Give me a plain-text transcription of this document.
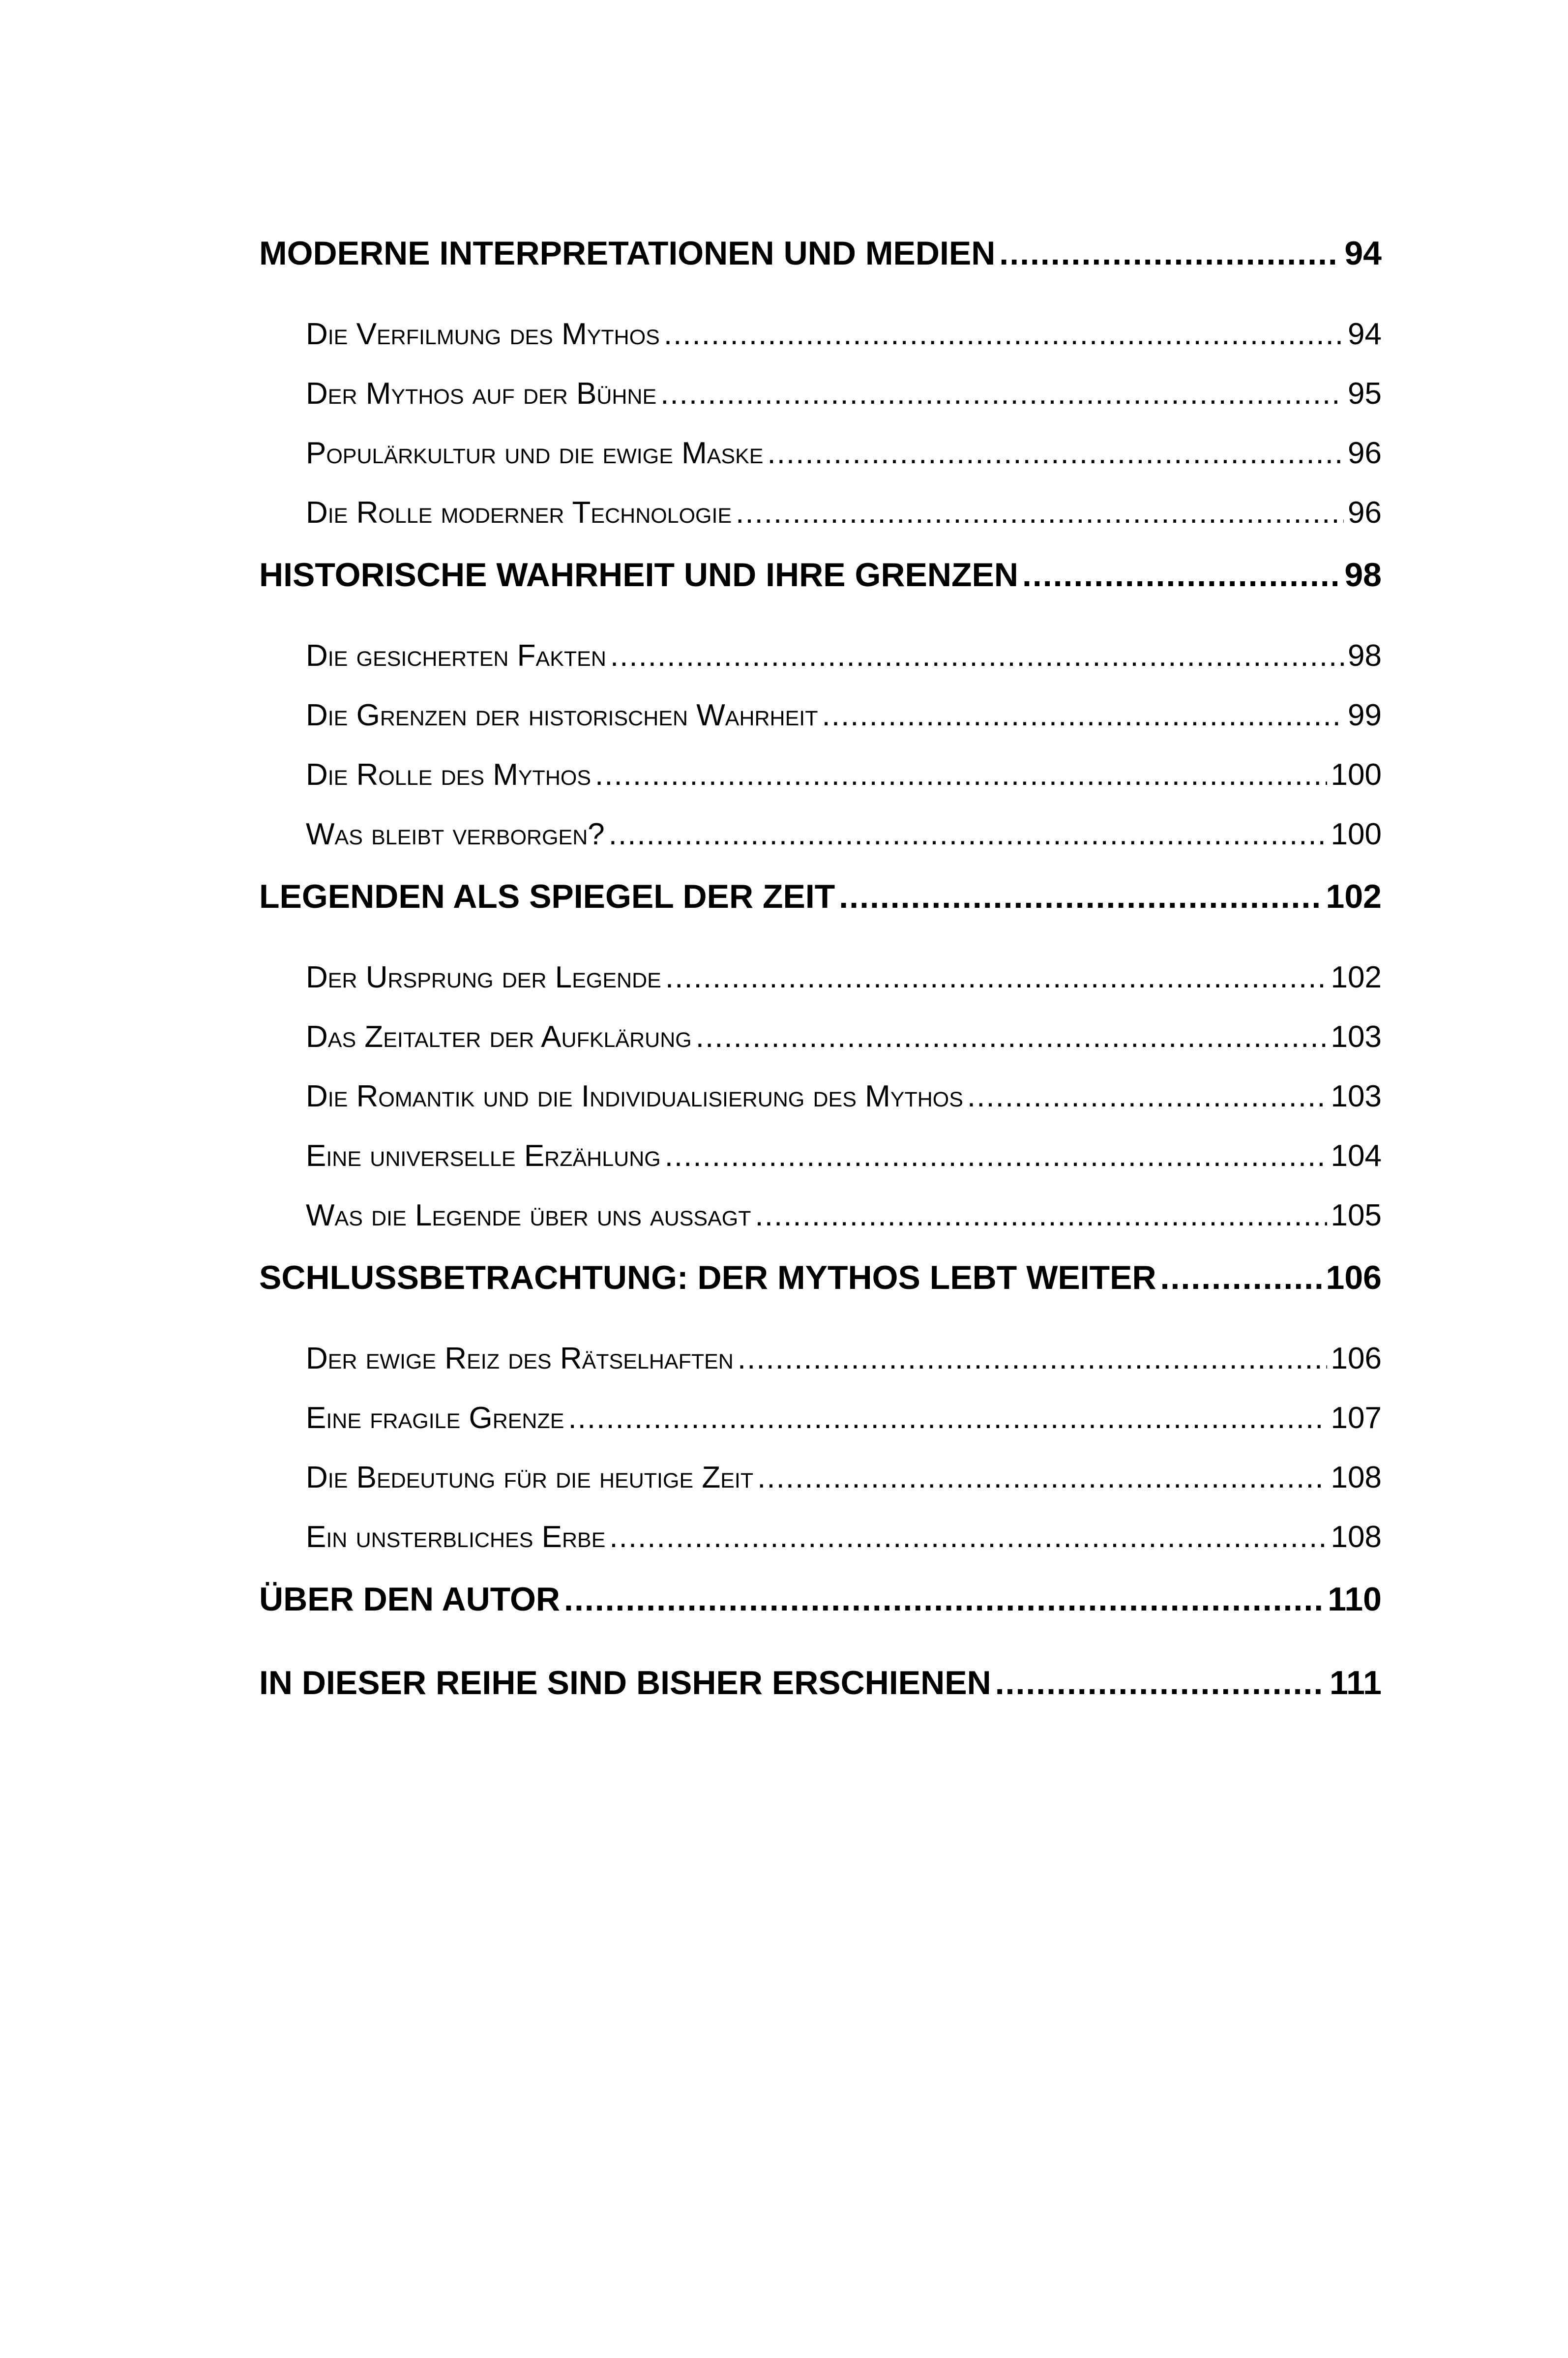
MODERNE INTERPRETATIONEN UND MEDIEN .....	94
Die Verfilmung des Mythos .....	94
Der Mythos auf der Bühne .....	95
Populärkultur und die ewige Maske .....	96
Die Rolle moderner Technologie .....	96
HISTORISCHE WAHRHEIT UND IHRE GRENZEN .....	98
Die gesicherten Fakten .....	98
Die Grenzen der historischen Wahrheit .....	99
Die Rolle des Mythos .....	100
Was bleibt verborgen? .....	100
LEGENDEN ALS SPIEGEL DER ZEIT .....	102
Der Ursprung der Legende .....	102
Das Zeitalter der Aufklärung .....	103
Die Romantik und die Individualisierung des Mythos .....	103
Eine universelle Erzählung .....	104
Was die Legende über uns aussagt .....	105
SCHLUSSBETRACHTUNG: DER MYTHOS LEBT WEITER .....	106
Der ewige Reiz des Rätselhaften .....	106
Eine fragile Grenze .....	107
Die Bedeutung für die heutige Zeit .....	108
Ein unsterbliches Erbe .....	108
ÜBER DEN AUTOR .....	110
IN DIESER REIHE SIND BISHER ERSCHIENEN .....	111
